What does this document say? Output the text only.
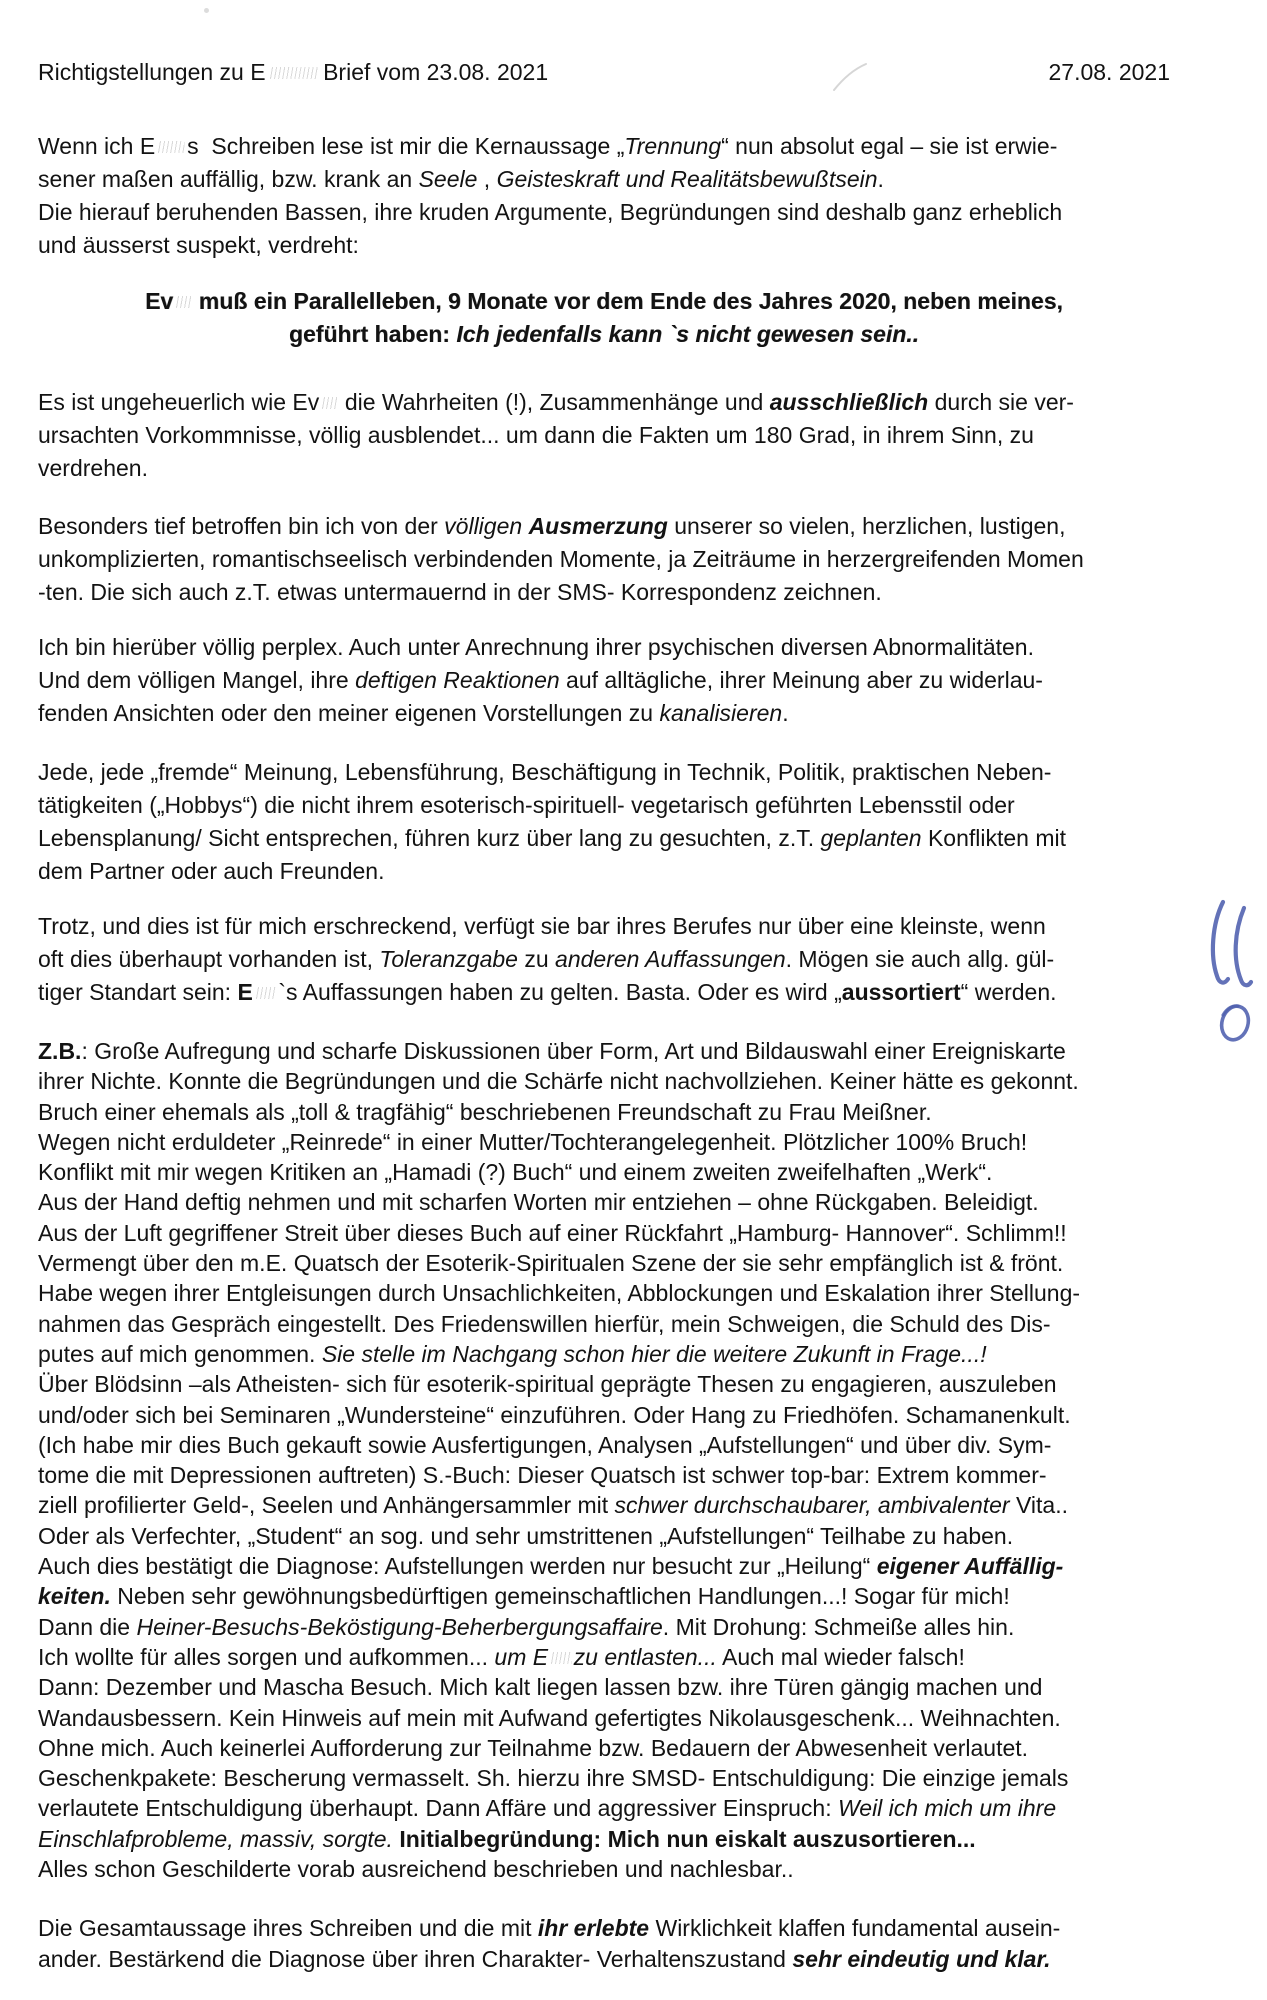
Richtigstellungen zu E	Brief vom 23.08. 2021	27.08. 2021
Wenn ich E s  Schreiben lese ist mir die Kernaussage „Trennung“ nun absolut egal – sie ist erwie-
sener maßen auffällig, bzw. krank an Seele , Geisteskraft und Realitätsbewußtsein.
Die hierauf beruhenden Bassen, ihre kruden Argumente, Begründungen sind deshalb ganz erheblich
und äusserst suspekt, verdreht:
Ev    muß ein Parallelleben, 9 Monate vor dem Ende des Jahres 2020, neben meines,
geführt haben: Ich jedenfalls kann `s nicht gewesen sein..
Es ist ungeheuerlich wie Ev    die Wahrheiten (!), Zusammenhänge und ausschließlich durch sie ver-
ursachten Vorkommnisse, völlig ausblendet... um dann die Fakten um 180 Grad, in ihrem Sinn, zu
verdrehen.
Besonders tief betroffen bin ich von der völligen Ausmerzung unserer so vielen, herzlichen, lustigen,
unkomplizierten, romantischseelisch verbindenden Momente, ja Zeiträume in herzergreifenden Momen
-ten. Die sich auch z.T. etwas untermauernd in der SMS- Korrespondenz zeichnen.
Ich bin hierüber völlig perplex. Auch unter Anrechnung ihrer psychischen diversen Abnormalitäten.
Und dem völligen Mangel, ihre deftigen Reaktionen auf alltägliche, ihrer Meinung aber zu widerlau-
fenden Ansichten oder den meiner eigenen Vorstellungen zu kanalisieren.
Jede, jede „fremde“ Meinung, Lebensführung, Beschäftigung in Technik, Politik, praktischen Neben-
tätigkeiten („Hobbys“) die nicht ihrem esoterisch-spirituell- vegetarisch geführten Lebensstil oder
Lebensplanung/ Sicht entsprechen, führen kurz über lang zu gesuchten, z.T. geplanten Konflikten mit
dem Partner oder auch Freunden.
Trotz, und dies ist für mich erschreckend, verfügt sie bar ihres Berufes nur über eine kleinste, wenn
oft dies überhaupt vorhanden ist, Toleranzgabe zu anderen Auffassungen. Mögen sie auch allg. gül-
tiger Standart sein: E `s Auffassungen haben zu gelten. Basta. Oder es wird „aussortiert“ werden.
Z.B.: Große Aufregung und scharfe Diskussionen über Form, Art und Bildauswahl einer Ereigniskarte
ihrer Nichte. Konnte die Begründungen und die Schärfe nicht nachvollziehen. Keiner hätte es gekonnt.
Bruch einer ehemals als „toll & tragfähig“ beschriebenen Freundschaft zu Frau Meißner.
Wegen nicht erduldeter „Reinrede“ in einer Mutter/Tochterangelegenheit. Plötzlicher 100% Bruch!
Konflikt mit mir wegen Kritiken an „Hamadi (?) Buch“ und einem zweiten zweifelhaften „Werk“.
Aus der Hand deftig nehmen und mit scharfen Worten mir entziehen – ohne Rückgaben. Beleidigt.
Aus der Luft gegriffener Streit über dieses Buch auf einer Rückfahrt „Hamburg- Hannover“. Schlimm!!
Vermengt über den m.E. Quatsch der Esoterik-Spiritualen Szene der sie sehr empfänglich ist & frönt.
Habe wegen ihrer Entgleisungen durch Unsachlichkeiten, Abblockungen und Eskalation ihrer Stellung-
nahmen das Gespräch eingestellt. Des Friedenswillen hierfür, mein Schweigen, die Schuld des Dis-
putes auf mich genommen. Sie stelle im Nachgang schon hier die weitere Zukunft in Frage...!
Über Blödsinn –als Atheisten- sich für esoterik-spiritual geprägte Thesen zu engagieren, auszuleben
und/oder sich bei Seminaren „Wundersteine“ einzuführen. Oder Hang zu Friedhöfen. Schamanenkult.
(Ich habe mir dies Buch gekauft sowie Ausfertigungen, Analysen „Aufstellungen“ und über div. Sym-
tome die mit Depressionen auftreten) S.-Buch: Dieser Quatsch ist schwer top-bar: Extrem kommer-
ziell profilierter Geld-, Seelen und Anhängersammler mit schwer durchschaubarer, ambivalenter Vita..
Oder als Verfechter, „Student“ an sog. und sehr umstrittenen „Aufstellungen“ Teilhabe zu haben.
Auch dies bestätigt die Diagnose: Aufstellungen werden nur besucht zur „Heilung“ eigener Auffällig-
keiten. Neben sehr gewöhnungsbedürftigen gemeinschaftlichen Handlungen...! Sogar für mich!
Dann die Heiner-Besuchs-Beköstigung-Beherbergungsaffaire. Mit Drohung: Schmeiße alles hin.
Ich wollte für alles sorgen und aufkommen... um E zu entlasten... Auch mal wieder falsch!
Dann: Dezember und Mascha Besuch. Mich kalt liegen lassen bzw. ihre Türen gängig machen und
Wandausbessern. Kein Hinweis auf mein mit Aufwand gefertigtes Nikolausgeschenk... Weihnachten.
Ohne mich. Auch keinerlei Aufforderung zur Teilnahme bzw. Bedauern der Abwesenheit verlautet.
Geschenkpakete: Bescherung vermasselt. Sh. hierzu ihre SMSD- Entschuldigung: Die einzige jemals
verlautete Entschuldigung überhaupt. Dann Affäre und aggressiver Einspruch: Weil ich mich um ihre
Einschlafprobleme, massiv, sorgte. Initialbegründung: Mich nun eiskalt auszusortieren...
Alles schon Geschilderte vorab ausreichend beschrieben und nachlesbar..
Die Gesamtaussage ihres Schreiben und die mit ihr erlebte Wirklichkeit klaffen fundamental ausein-
ander. Bestärkend die Diagnose über ihren Charakter- Verhaltenszustand sehr eindeutig und klar.
